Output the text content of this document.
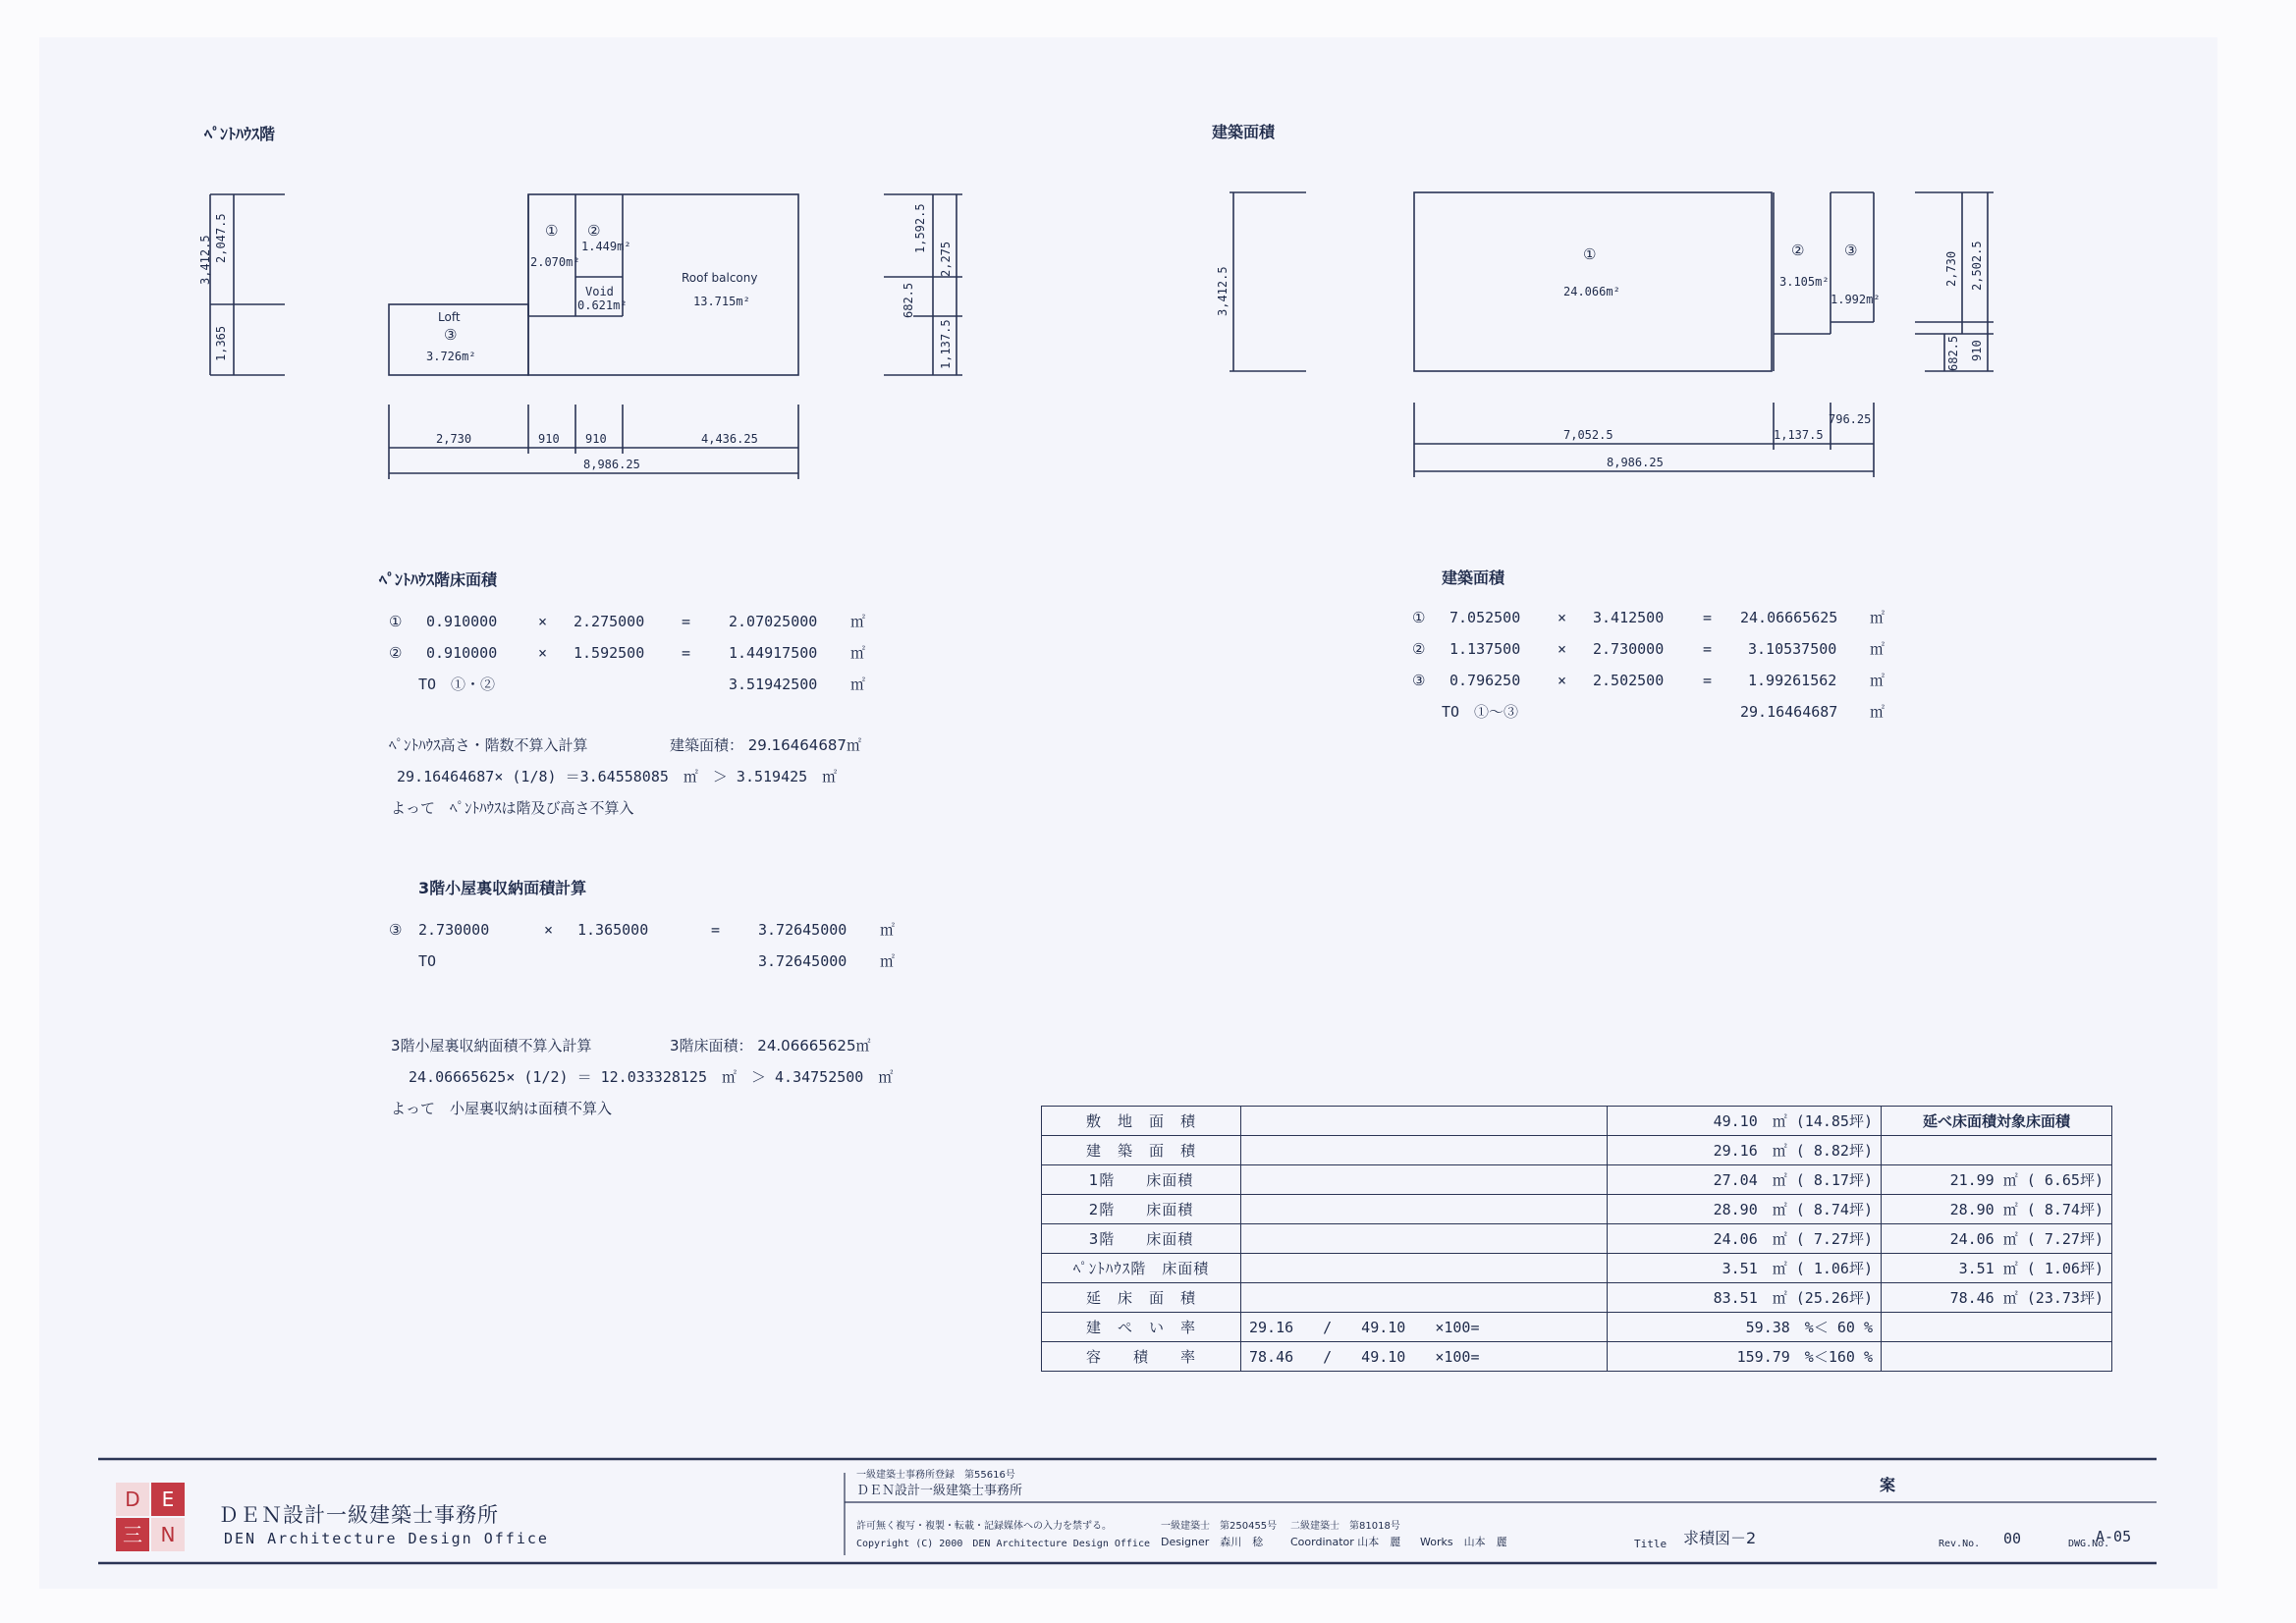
ﾍﾟﾝﾄﾊｳｽ階
3,412.5 2,047.5
1,365
1,592.5
2,275
682.5
1,137.5
2,730	910 910	4,436.25
8,986.25
①
2.070m²
②
1.449m²
Void
0.621m²
Roof balcony
13.715m²
Loft
③
3.726m²
建築面積
3,412.5	2,730 2,502.5
682.5 910
7,052.5	1,137.5
796.25
8,986.25
①
24.066m²
②
3.105m²
③
1.992m²
ﾍﾟﾝﾄﾊｳｽ階床面積
① 0.910000	× 2.275000	=	2.07025000 ㎡
② 0.910000	× 1.592500	=	1.44917500 ㎡
TO　①・②	3.51942500 ㎡
ﾍﾟﾝﾄﾊｳｽ高さ・階数不算入計算	建築面積： 29.16464687㎡
29.16464687× (1/8) ＝3.64558085　㎡　＞ 3.519425　㎡
よって　ﾍﾟﾝﾄﾊｳｽは階及び高さ不算入
3階小屋裏収納面積計算
③ 2.730000	× 1.365000	=	3.72645000 ㎡
TO	3.72645000 ㎡
3階小屋裏収納面積不算入計算	3階床面積： 24.06665625㎡
24.06665625× (1/2) ＝ 12.033328125　㎡　＞ 4.34752500　㎡
よって　小屋裏収納は面積不算入
建築面積
① 7.052500	× 3.412500	= 24.06665625 ㎡
② 1.137500	× 2.730000	= 3.10537500 ㎡
③ 0.796250	× 2.502500	= 1.99261562 ㎡
TO　①～③	29.16464687 ㎡
敷　地　面　積		49.10　㎡ (14.85坪)	延べ床面積対象床面積
建　築　面　積		29.16　㎡ ( 8.82坪)	
1階　　床面積		27.04　㎡ ( 8.17坪)	21.99 ㎡ ( 6.65坪)
2階　　床面積		28.90　㎡ ( 8.74坪)	28.90 ㎡ ( 8.74坪)
3階　　床面積		24.06　㎡ ( 7.27坪)	24.06 ㎡ ( 7.27坪)
ﾍﾟﾝﾄﾊｳｽ階　床面積		3.51　㎡ ( 1.06坪)	3.51 ㎡ ( 1.06坪)
延　床　面　積		83.51　㎡ (25.26坪)	78.46 ㎡ (23.73坪)
建　ぺ　い　率	29.16　　/　　49.10　　×100=	59.38　%＜ 60 %	
容　　積　　率	78.46　　/　　49.10　　×100=	159.79　%＜160 %	
D	E
三 N
ＤＥＮ設計一級建築士事務所
DEN Architecture Design Office
一級建築士事務所登録　第55616号
ＤＥＮ設計一級建築士事務所	案
許可無く複写・複製・転載・記録媒体への入力を禁ずる。
Copyright (C) 2000　DEN Architecture Design Office
一級建築士　第250455号 二級建築士　第81018号
Designer　森川　稔	Coordinator 山本　麗 Works　山本　麗	Title 求積図－2	Rev.No. 00	DWG.No.
A-05
